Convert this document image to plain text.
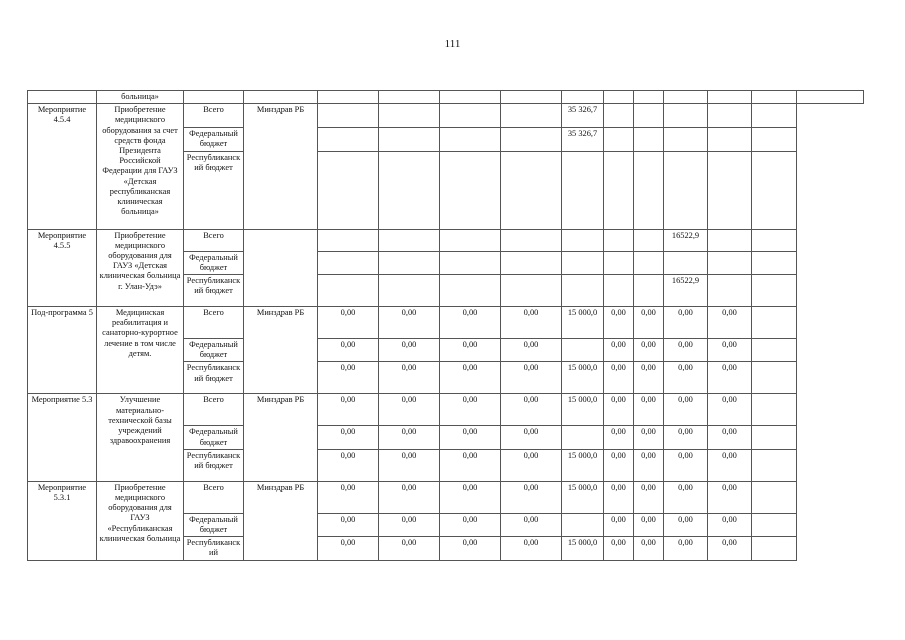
111
	больница»													
Мероприятие 4.5.4	Приобретение медицинского оборудования за счет средств фонда Президента Российской Федерации для ГАУЗ «Детская республиканская клиническая больница»	Всего	Минздрав РБ					35 326,7						
		Федеральный бюджет						35 326,7						
		Республиканский бюджет												
Мероприятие 4.5.5	Приобретение медицинского оборудования для ГАУЗ «Детская клиническая больница г. Улан-Удэ»	Всего									16522,9			
		Федеральный бюджет												
		Республиканский бюджет									16522,9			
Под-программа 5	Медицинская реабилитация и санаторно-курортное лечение в том числе детям.	Всего	Минздрав РБ	0,00	0,00	0,00	0,00	15 000,0	0,00	0,00	0,00	0,00		
		Федеральный бюджет		0,00	0,00	0,00	0,00		0,00	0,00	0,00	0,00		
		Республиканский бюджет		0,00	0,00	0,00	0,00	15 000,0	0,00	0,00	0,00	0,00		
Мероприятие 5.3	Улучшение материально-технической базы учреждений здравоохранения	Всего	Минздрав РБ	0,00	0,00	0,00	0,00	15 000,0	0,00	0,00	0,00	0,00		
		Федеральный бюджет		0,00	0,00	0,00	0,00		0,00	0,00	0,00	0,00		
		Республиканский бюджет		0,00	0,00	0,00	0,00	15 000,0	0,00	0,00	0,00	0,00		
Мероприятие 5.3.1	Приобретение медицинского оборудования для ГАУЗ «Республиканская клиническая больница	Всего	Минздрав РБ	0,00	0,00	0,00	0,00	15 000,0	0,00	0,00	0,00	0,00		
		Федеральный бюджет		0,00	0,00	0,00	0,00		0,00	0,00	0,00	0,00		
		Республиканский		0,00	0,00	0,00	0,00	15 000,0	0,00	0,00	0,00	0,00		
